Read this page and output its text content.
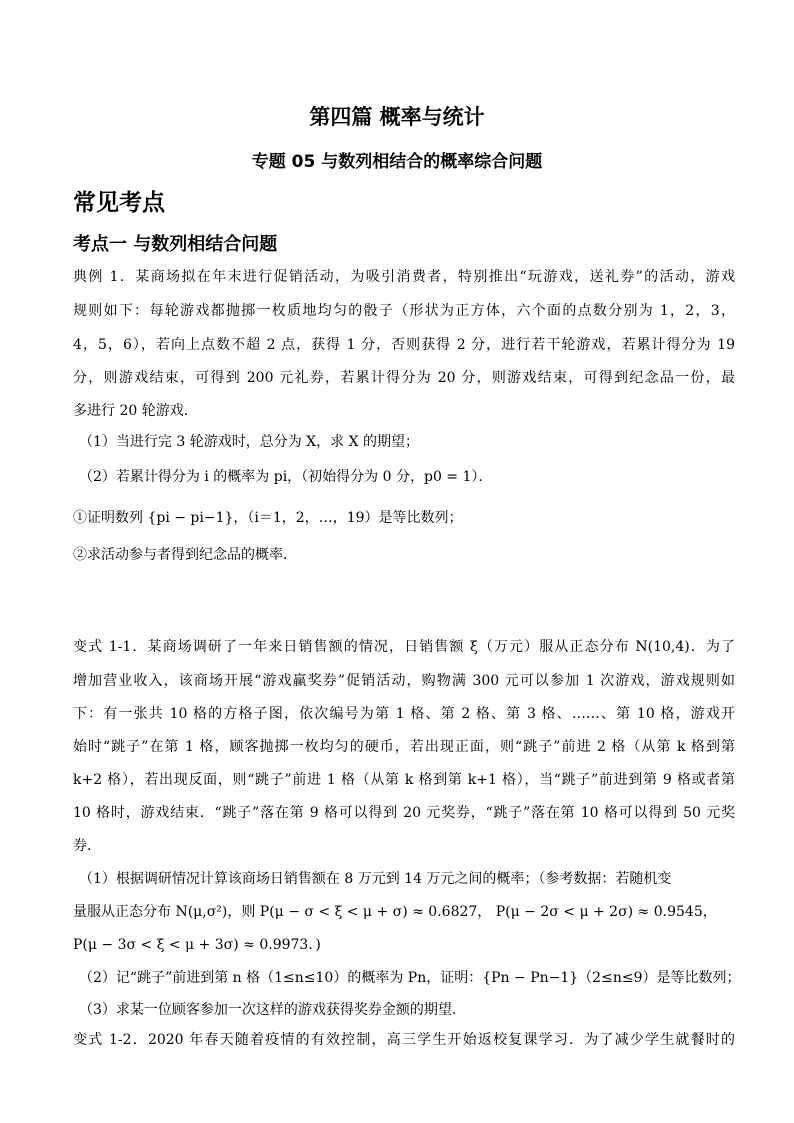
第四篇 概率与统计
专题 05 与数列相结合的概率综合问题
常见考点
考点一 与数列相结合问题
典例 1．某商场拟在年末进行促销活动，为吸引消费者，特别推出“玩游戏，送礼券”的活动，游戏
规则如下：每轮游戏都抛掷一枚质地均匀的骰子（形状为正方体，六个面的点数分别为 1，2，3，
4，5，6），若向上点数不超 2 点，获得 1 分，否则获得 2 分，进行若干轮游戏，若累计得分为 19
分，则游戏结束，可得到 200 元礼券，若累计得分为 20 分，则游戏结束，可得到纪念品一份，最
多进行 20 轮游戏．
（1）当进行完 3 轮游戏时，总分为 X，求 X 的期望；
（2）若累计得分为 i 的概率为 pi，（初始得分为 0 分，p0 = 1）．
①证明数列 {pi − pi−1}，（i＝1，2，…，19）是等比数列；
②求活动参与者得到纪念品的概率．
变式 1-1．某商场调研了一年来日销售额的情况，日销售额 ξ（万元）服从正态分布 N(10,4)．为了
增加营业收入，该商场开展“游戏赢奖券”促销活动，购物满 300 元可以参加 1 次游戏，游戏规则如
下：有一张共 10 格的方格子图，依次编号为第 1 格、第 2 格、第 3 格、……、第 10 格，游戏开
始时“跳子”在第 1 格，顾客抛掷一枚均匀的硬币，若出现正面，则“跳子”前进 2 格（从第 k 格到第
k+2 格），若出现反面，则“跳子”前进 1 格（从第 k 格到第 k+1 格），当“跳子”前进到第 9 格或者第
10 格时，游戏结束．“跳子”落在第 9 格可以得到 20 元奖券，“跳子”落在第 10 格可以得到 50 元奖
券．
（1）根据调研情况计算该商场日销售额在 8 万元到 14 万元之间的概率；（参考数据：若随机变
量服从正态分布 N(μ,σ²)，则 P(μ − σ < ξ < μ + σ) ≈ 0.6827， P(μ − 2σ < μ + 2σ) ≈ 0.9545，
P(μ − 3σ < ξ < μ + 3σ) ≈ 0.9973．)
（2）记“跳子”前进到第 n 格（1≤n≤10）的概率为 Pn，证明：{Pn − Pn−1}（2≤n≤9）是等比数列；
（3）求某一位顾客参加一次这样的游戏获得奖券金额的期望．
变式 1-2．2020 年春天随着疫情的有效控制，高三学生开始返校复课学习．为了减少学生就餐时的
